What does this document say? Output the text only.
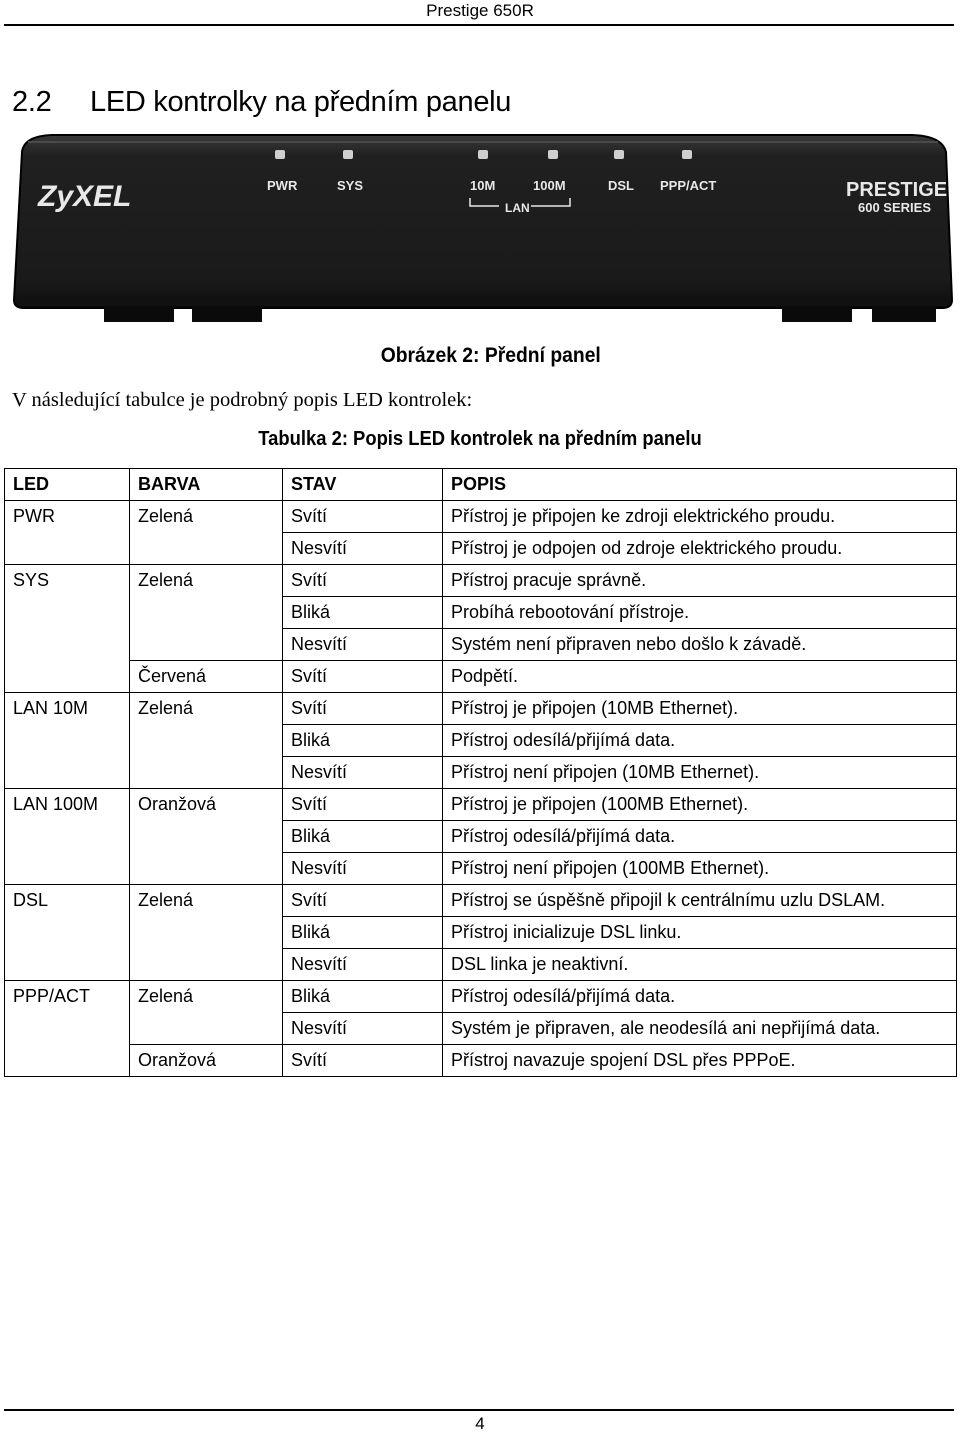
Prestige 650R
2.2 LED kontrolky na předním panelu
ZyXEL	PWR	SYS	10M	100M	DSL PPP/ACT
LAN
PRESTIGE
600 SERIES
Obrázek 2: Přední panel
V následující tabulce je podrobný popis LED kontrolek:
Tabulka 2: Popis LED kontrolek na předním panelu
LED	BARVA	STAV	POPIS
PWR	Zelená	Svítí	Přístroj je připojen ke zdroji elektrického proudu.
		Nesvítí	Přístroj je odpojen od zdroje elektrického proudu.
SYS	Zelená	Svítí	Přístroj pracuje správně.
		Bliká	Probíhá rebootování přístroje.
		Nesvítí	Systém není připraven nebo došlo k závadě.
	Červená	Svítí	Podpětí.
LAN 10M	Zelená	Svítí	Přístroj je připojen (10MB Ethernet).
		Bliká	Přístroj odesílá/přijímá data.
		Nesvítí	Přístroj není připojen (10MB Ethernet).
LAN 100M	Oranžová	Svítí	Přístroj je připojen (100MB Ethernet).
		Bliká	Přístroj odesílá/přijímá data.
		Nesvítí	Přístroj není připojen (100MB Ethernet).
DSL	Zelená	Svítí	Přístroj se úspěšně připojil k centrálnímu uzlu DSLAM.
		Bliká	Přístroj inicializuje DSL linku.
		Nesvítí	DSL linka je neaktivní.
PPP/ACT	Zelená	Bliká	Přístroj odesílá/přijímá data.
		Nesvítí	Systém je připraven, ale neodesílá ani nepřijímá data.
	Oranžová	Svítí	Přístroj navazuje spojení DSL přes PPPoE.
4
